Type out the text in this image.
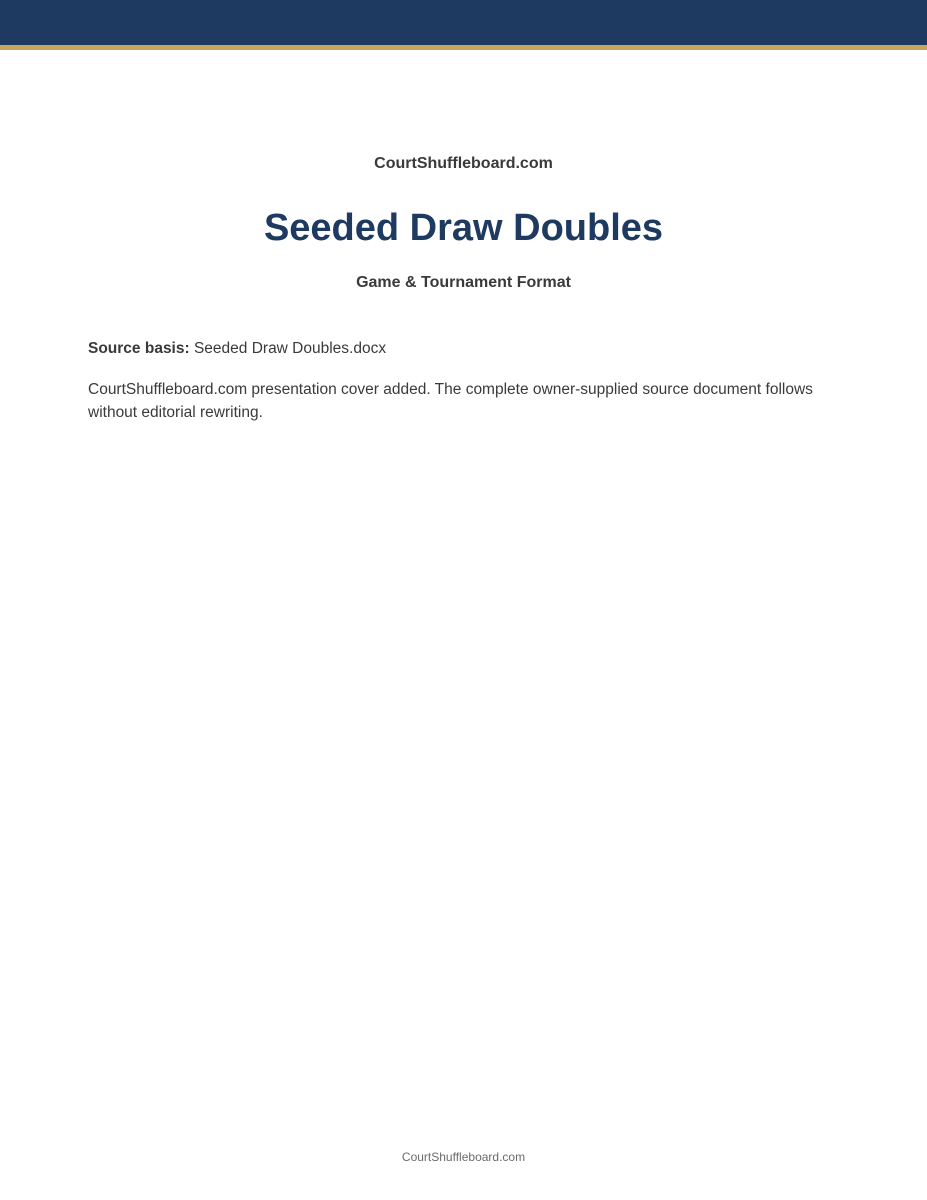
CourtShuffleboard.com
Seeded Draw Doubles
Game & Tournament Format
Source basis: Seeded Draw Doubles.docx
CourtShuffleboard.com presentation cover added. The complete owner-supplied source document follows without editorial rewriting.
CourtShuffleboard.com
